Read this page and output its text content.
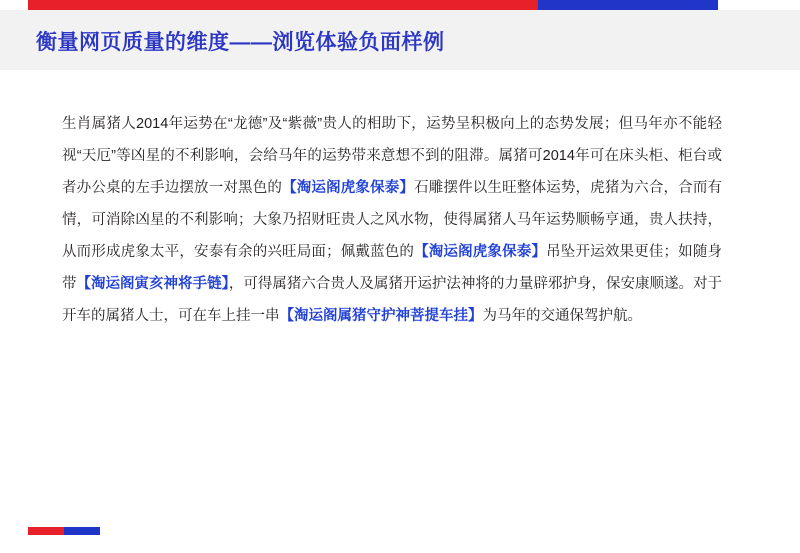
衡量网页质量的维度——浏览体验负面样例
生肖属猪人2014年运势在“龙德”及“紫薇”贵人的相助下，运势呈积极向上的态势发展；但马年亦不能轻视“天厄”等凶星的不利影响，会给马年的运势带来意想不到的阻滞。属猪可2014年可在床头柜、柜台或者办公桌的左手边摆放一对黑色的【淘运阁虎象保泰】石雕摆件以生旺整体运势，虎猪为六合，合而有情，可消除凶星的不利影响；大象乃招财旺贵人之风水物，使得属猪人马年运势顺畅亨通，贵人扶持，从而形成虎象太平，安泰有余的兴旺局面；佩戴蓝色的【淘运阁虎象保泰】吊坠开运效果更佳；如随身带【淘运阁寅亥神将手链】，可得属猪六合贵人及属猪开运护法神将的力量辟邪护身，保安康顺遂。对于开车的属猪人士，可在车上挂一串【淘运阁属猪守护神菩提车挂】为马年的交通保驾护航。
